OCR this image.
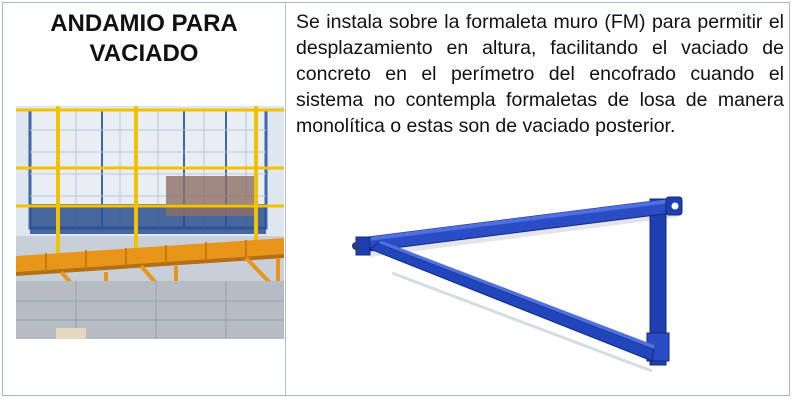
ANDAMIO PARA
VACIADO

Se instala sobre la formaleta muro (FM) para permitir el desplazamiento en altura, facilitando el vaciado de concreto en el perímetro del encofrado cuando el sistema no contempla formaletas de losa de manera monolítica o estas son de vaciado posterior.
